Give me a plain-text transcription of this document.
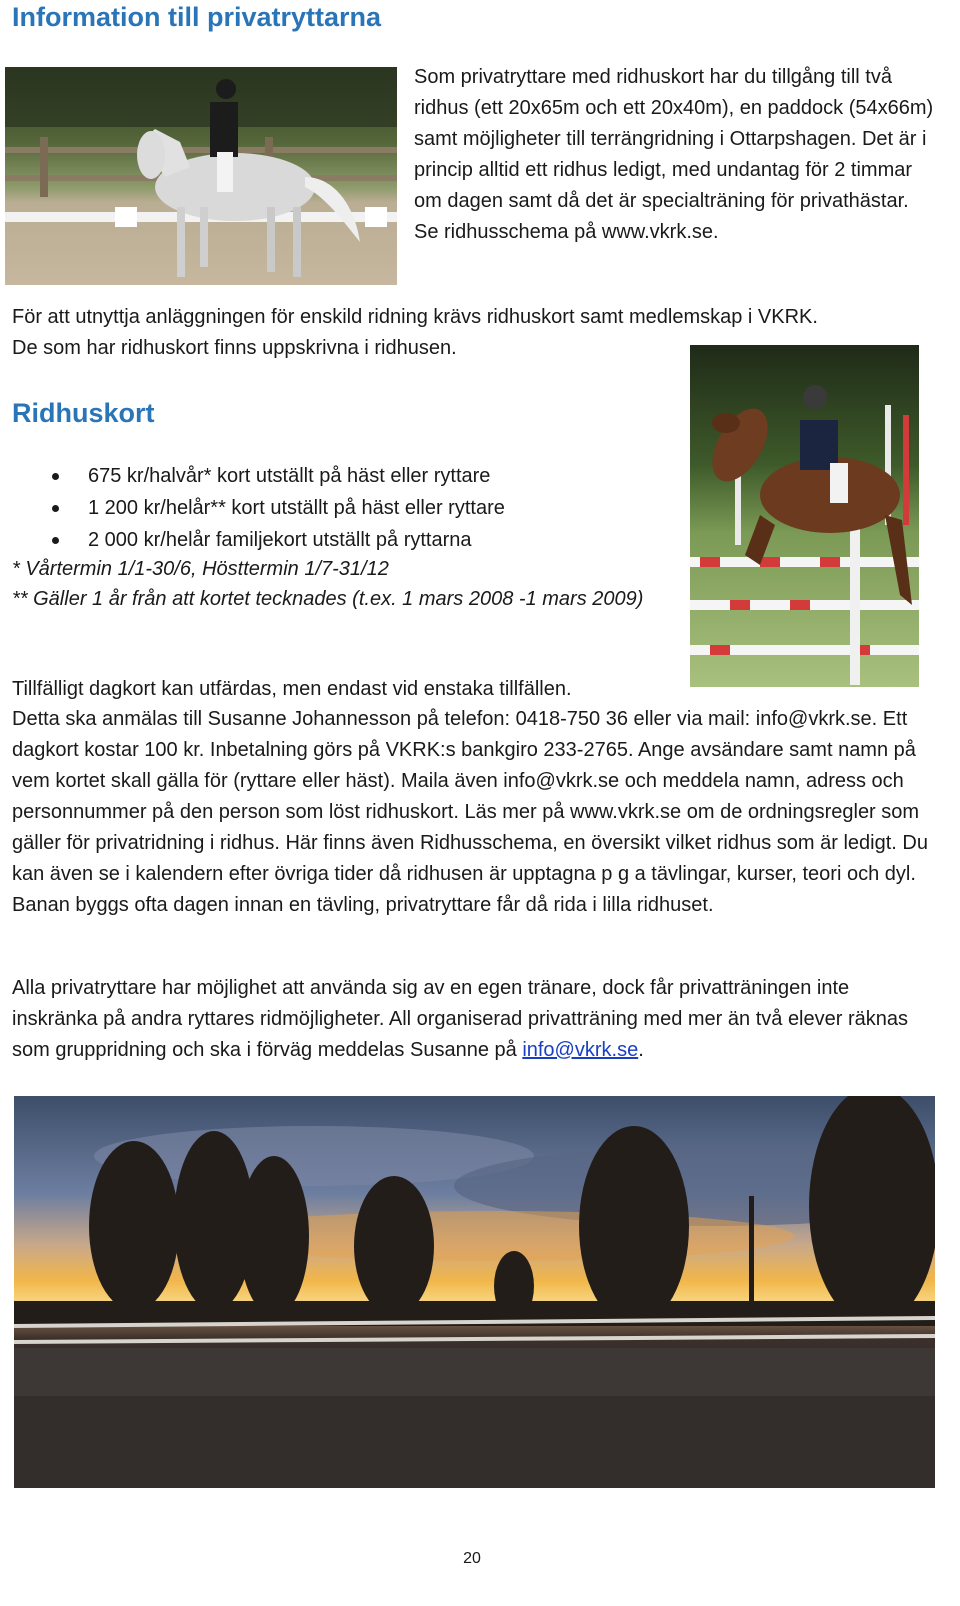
Information till privatryttarna
Som privatryttare med ridhuskort har du tillgång till två ridhus (ett 20x65m och ett 20x40m), en paddock (54x66m) samt möjligheter till terrängridning i Ottarpshagen. Det är i princip alltid ett ridhus ledigt, med undantag för 2 timmar om dagen samt då det är specialträning för privathästar. Se ridhusschema på www.vkrk.se.
För att utnyttja anläggningen för enskild ridning krävs ridhuskort samt medlemskap i VKRK.
De som har ridhuskort finns uppskrivna i ridhusen.
Ridhuskort
675 kr/halvår* kort utställt på häst eller ryttare
1 200 kr/helår** kort utställt på häst eller ryttare
2 000 kr/helår familjekort utställt på ryttarna
* Vårtermin 1/1-30/6, Hösttermin 1/7-31/12
** Gäller 1 år från att kortet tecknades (t.ex. 1 mars 2008 -1 mars 2009)
Tillfälligt dagkort kan utfärdas, men endast vid enstaka tillfällen.
Detta ska anmälas till Susanne Johannesson på telefon: 0418-750 36 eller via mail: info@vkrk.se. Ett dagkort kostar 100 kr. Inbetalning görs på VKRK:s bankgiro 233-2765. Ange avsändare samt namn på vem kortet skall gälla för (ryttare eller häst). Maila även info@vkrk.se och meddela namn, adress och personnummer på den person som löst ridhuskort. Läs mer på www.vkrk.se om de ordningsregler som gäller för privatridning i ridhus. Här finns även Ridhusschema, en översikt vilket ridhus som är ledigt. Du kan även se i kalendern efter övriga tider då ridhusen är upptagna p g a tävlingar, kurser, teori och dyl. Banan byggs ofta dagen innan en tävling, privatryttare får då rida i lilla ridhuset.
Alla privatryttare har möjlighet att använda sig av en egen tränare, dock får privatträningen inte inskränka på andra ryttares ridmöjligheter. All organiserad privatträning med mer än två elever räknas som gruppridning och ska i förväg meddelas Susanne på info@vkrk.se.
20
